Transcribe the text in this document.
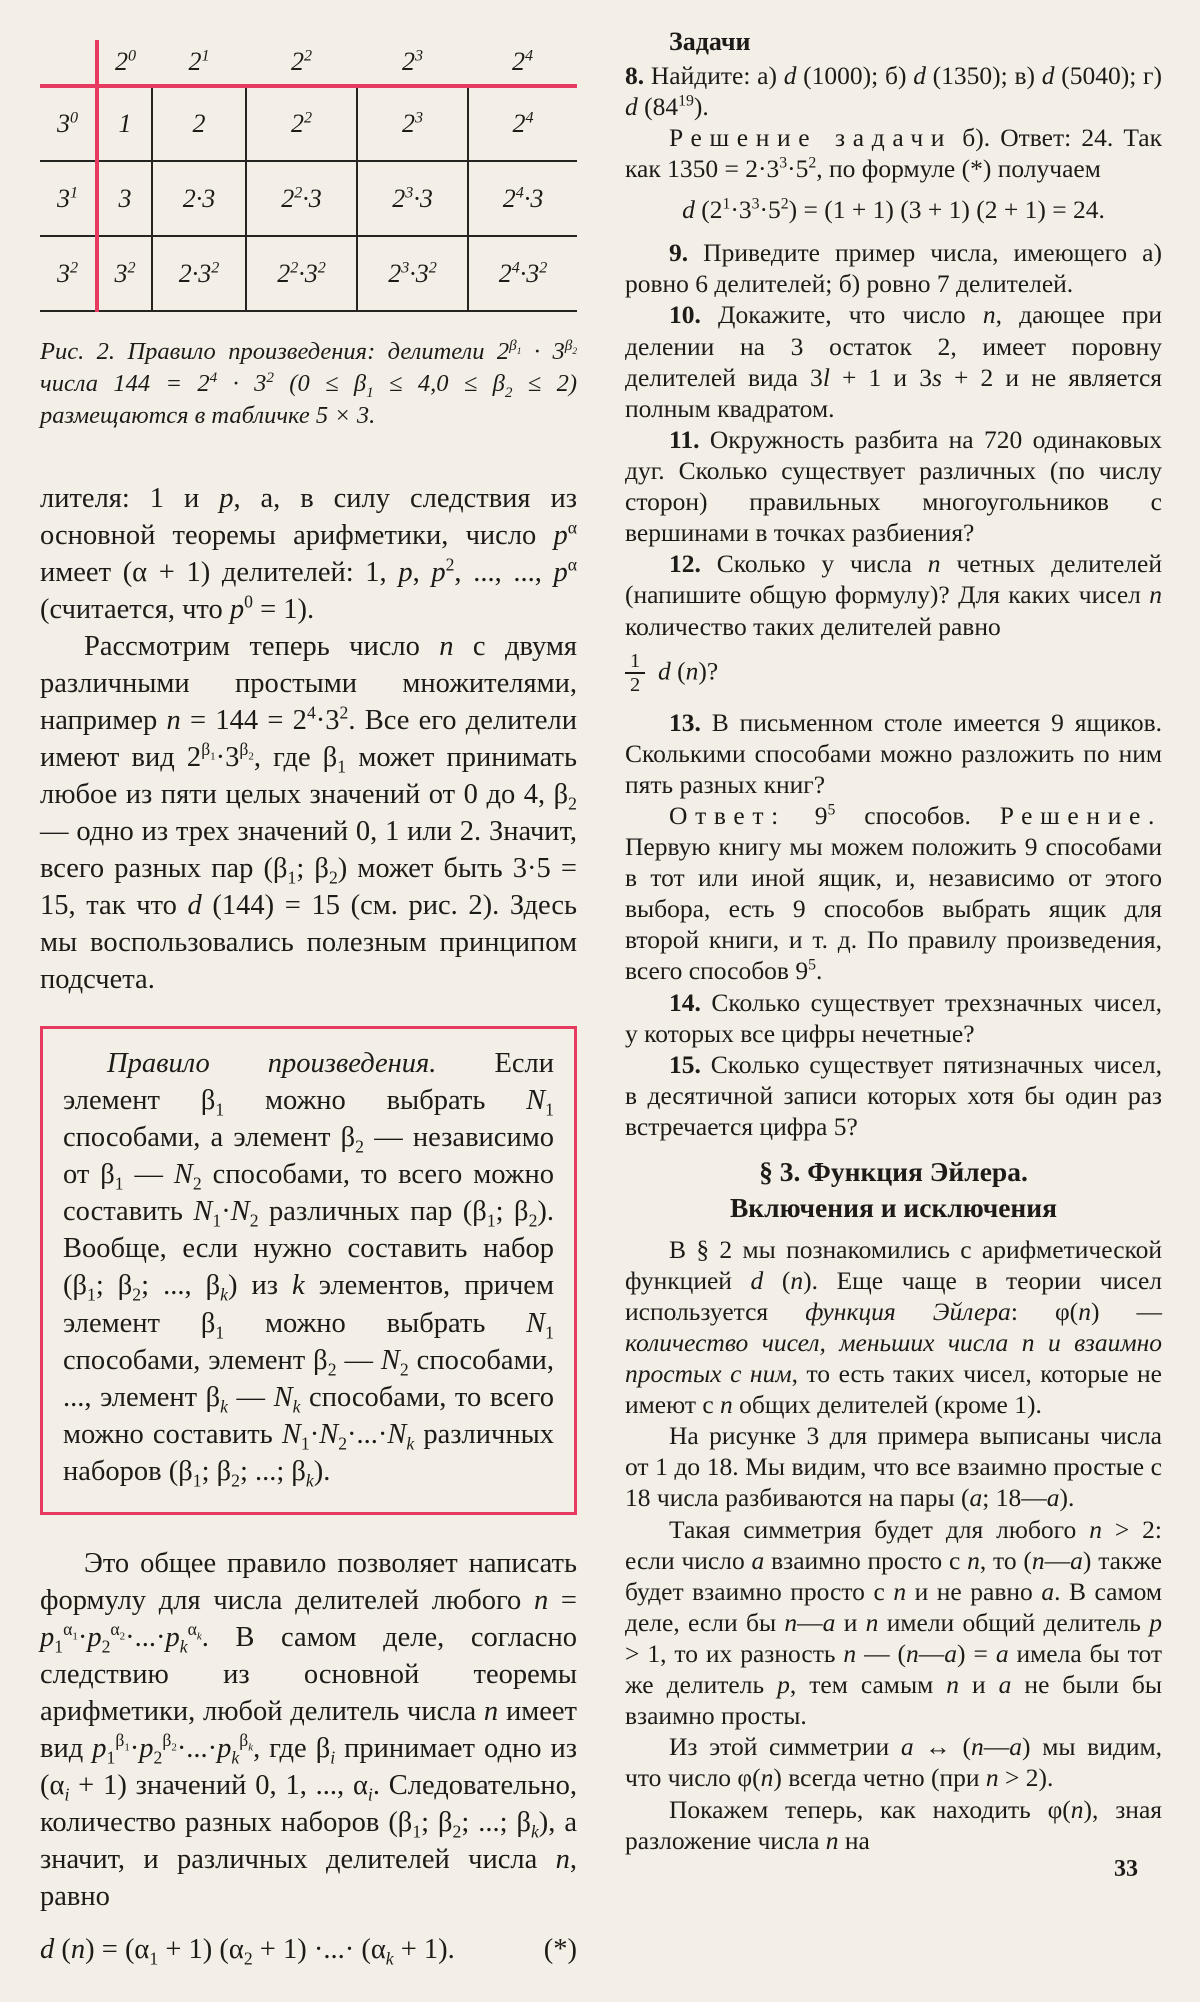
	$2^0$	$2^1$	$2^2$	$2^3$	$2^4$
$3^0$	1	2	$2^2$	$2^3$	$2^4$
$3^1$	3	2·3	$2^2\cdot 3$	$2^3\cdot 3$	$2^4\cdot 3$
$3^2$	$3^2$	$2\cdot 3^2$	$2^2\cdot 3^2$	$2^3\cdot 3^2$	$2^4\cdot 3^2$

Рис. 2. Правило произведения: делители $2^{\beta_1} \cdot 3^{\beta_2}$ числа $144 = 2^4 \cdot 3^2$ $(0 \le \beta_1 \le 4,0 \le \beta_2 \le 2)$ размещаются в табличке 5 × 3.

лителя: 1 и p, а, в силу следствия из основной теоремы арифметики, число $p^\alpha$ имеет (α + 1) делителей: 1, p, $p^2$, ..., ..., $p^\alpha$ (считается, что $p^0 = 1$).

Рассмотрим теперь число n с двумя различными простыми множителями, например $n = 144 = 2^4\cdot 3^2$. Все его делители имеют вид $2^{\beta_1}\cdot 3^{\beta_2}$, где $\beta_1$ может принимать любое из пяти целых значений от 0 до 4, $\beta_2$ — одно из трех значений 0, 1 или 2. Значит, всего разных пар ($\beta_1$; $\beta_2$) может быть 3·5 = 15, так что d (144) = 15 (см. рис. 2). Здесь мы воспользовались полезным принципом подсчета.

Правило произведения. Если элемент $\beta_1$ можно выбрать $N_1$ способами, а элемент $\beta_2$ — независимо от $\beta_1$ — $N_2$ способами, то всего можно составить $N_1\cdot N_2$ различных пар ($\beta_1$; $\beta_2$). Вообще, если нужно составить набор ($\beta_1$; $\beta_2$; ..., $\beta_k$) из k элементов, причем элемент $\beta_1$ можно выбрать $N_1$ способами, элемент $\beta_2$ — $N_2$ способами, ..., элемент $\beta_k$ — $N_k$ способами, то всего можно составить $N_1\cdot N_2\cdot...\cdot N_k$ различных наборов ($\beta_1$; $\beta_2$; ...; $\beta_k$).

Это общее правило позволяет написать формулу для числа делителей любого $n = p_1^{\alpha_1}\cdot p_2^{\alpha_2}\cdot...\cdot p_k^{\alpha_k}$. В самом деле, согласно следствию из основной теоремы арифметики, любой делитель числа n имеет вид $p_1^{\beta_1}\cdot p_2^{\beta_2}\cdot...\cdot p_k^{\beta_k}$, где $\beta_i$ принимает одно из $(\alpha_i + 1)$ значений 0, 1, ..., $\alpha_i$. Следовательно, количество разных наборов ($\beta_1$; $\beta_2$; ...; $\beta_k$), а значит, и различных делителей числа n, равно

d $(n) = (\alpha_1 + 1) (\alpha_2 + 1)$ ·...· $(\alpha_k + 1)$.	(*)

Задачи

8. Найдите: а) d (1000); б) d (1350); в) d (5040); г) d $(84^{19})$.

Решение задачи б). Ответ: 24. Так как $1350 = 2\cdot 3^3\cdot 5^2$, по формуле (*) получаем

d $(2^1\cdot 3^3\cdot 5^2) = (1 + 1) (3 + 1) (2 + 1) = 24$.

9. Приведите пример числа, имеющего а) ровно 6 делителей; б) ровно 7 делителей.

10. Докажите, что число n, дающее при делении на 3 остаток 2, имеет поровну делителей вида 3l + 1 и 3s + 2 и не является полным квадратом.

11. Окружность разбита на 720 одинаковых дуг. Сколько существует различных (по числу сторон) правильных многоугольников с вершинами в точках разбиения?

12. Сколько у числа n четных делителей (напишите общую формулу)? Для каких чисел n количество таких делителей равно

$\frac{1}{2}$ d (n)?

13. В письменном столе имеется 9 ящиков. Сколькими способами можно разложить по ним пять разных книг?

Ответ: $9^5$ способов. Решение. Первую книгу мы можем положить 9 способами в тот или иной ящик, и, независимо от этого выбора, есть 9 способов выбрать ящик для второй книги, и т. д. По правилу произведения, всего способов $9^5$.

14. Сколько существует трехзначных чисел, у которых все цифры нечетные?

15. Сколько существует пятизначных чисел, в десятичной записи которых хотя бы один раз встречается цифра 5?

§ 3. Функция Эйлера.
Включения и исключения

В § 2 мы познакомились с арифметической функцией d (n). Еще чаще в теории чисел используется функция Эйлера: φ(n) — количество чисел, меньших числа n и взаимно простых с ним, то есть таких чисел, которые не имеют с n общих делителей (кроме 1).

На рисунке 3 для примера выписаны числа от 1 до 18. Мы видим, что все взаимно простые с 18 числа разбиваются на пары (a; 18—a).

Такая симметрия будет для любого n > 2: если число a взаимно просто с n, то (n—a) также будет взаимно просто с n и не равно a. В самом деле, если бы n—a и n имели общий делитель p > 1, то их разность n — (n—a) = a имела бы тот же делитель p, тем самым n и a не были бы взаимно просты.

Из этой симметрии a ↔ (n—a) мы видим, что число φ(n) всегда четно (при n > 2).

Покажем теперь, как находить φ(n), зная разложение числа n на

33
